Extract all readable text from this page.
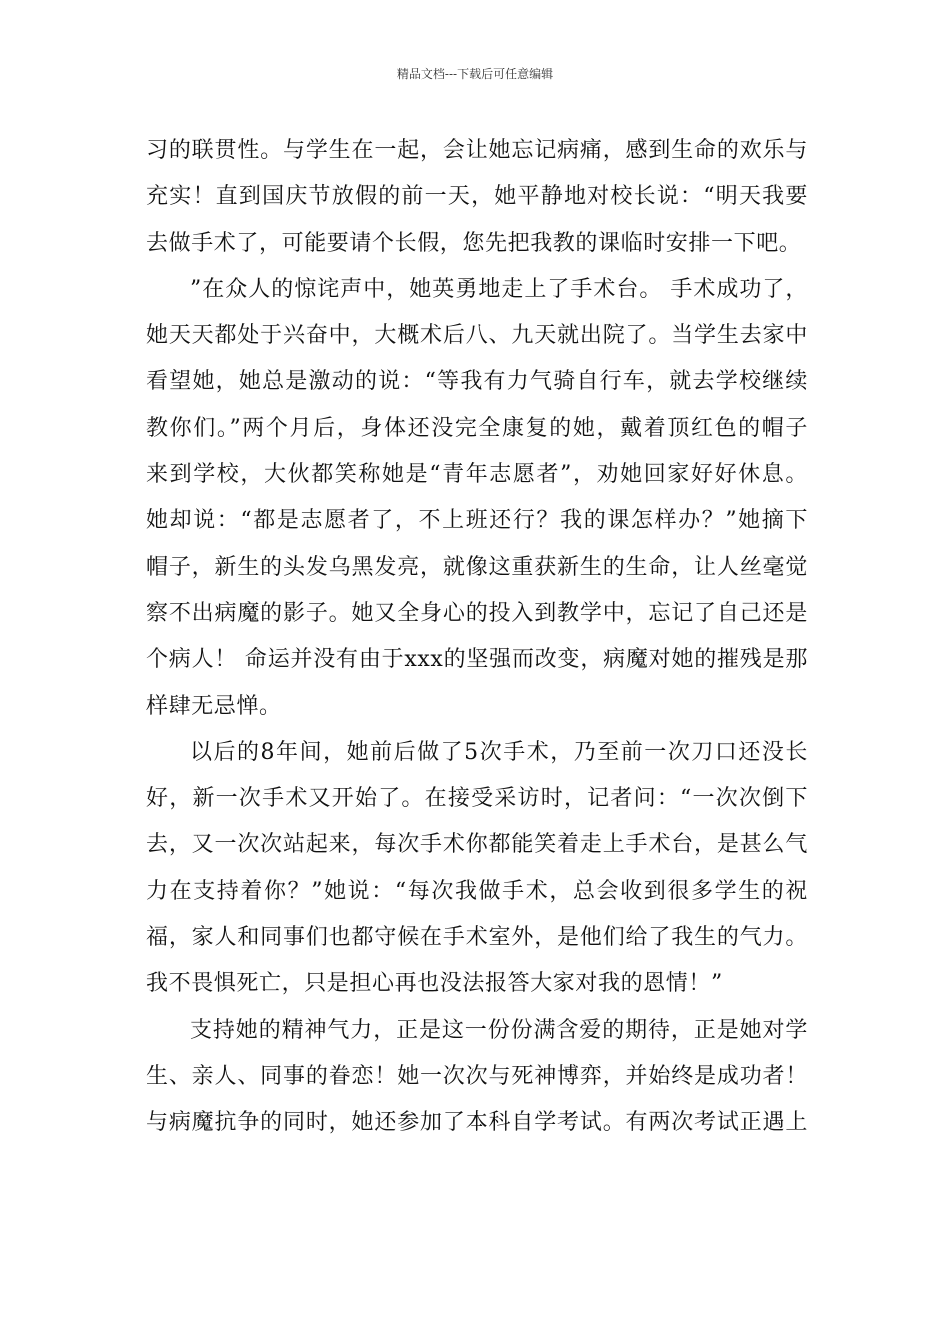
精品文档---下载后可任意编辑
习的联贯性。与学生在一起，会让她忘记病痛，感到生命的欢乐与
充实！直到国庆节放假的前一天，她平静地对校长说：“明天我要
去做手术了，可能要请个长假，您先把我教的课临时安排一下吧。
”在众人的惊诧声中，她英勇地走上了手术台。 手术成功了，
她天天都处于兴奋中，大概术后八、九天就出院了。当学生去家中
看望她，她总是激动的说：“等我有力气骑自行车，就去学校继续
教你们。”两个月后，身体还没完全康复的她，戴着顶红色的帽子
来到学校，大伙都笑称她是“青年志愿者”，劝她回家好好休息。
她却说：“都是志愿者了，不上班还行？我的课怎样办？”她摘下
帽子，新生的头发乌黑发亮，就像这重获新生的生命，让人丝毫觉
察不出病魔的影子。她又全身心的投入到教学中，忘记了自己还是
个病人！ 命运并没有由于xxx的坚强而改变，病魔对她的摧残是那
样肆无忌惮。
以后的8年间，她前后做了5次手术，乃至前一次刀口还没长
好，新一次手术又开始了。在接受采访时，记者问：“一次次倒下
去，又一次次站起来，每次手术你都能笑着走上手术台，是甚么气
力在支持着你？”她说：“每次我做手术，总会收到很多学生的祝
福，家人和同事们也都守候在手术室外，是他们给了我生的气力。
我不畏惧死亡，只是担心再也没法报答大家对我的恩情！”
支持她的精神气力，正是这一份份满含爱的期待，正是她对学
生、亲人、同事的眷恋！她一次次与死神博弈，并始终是成功者！
与病魔抗争的同时，她还参加了本科自学考试。有两次考试正遇上
